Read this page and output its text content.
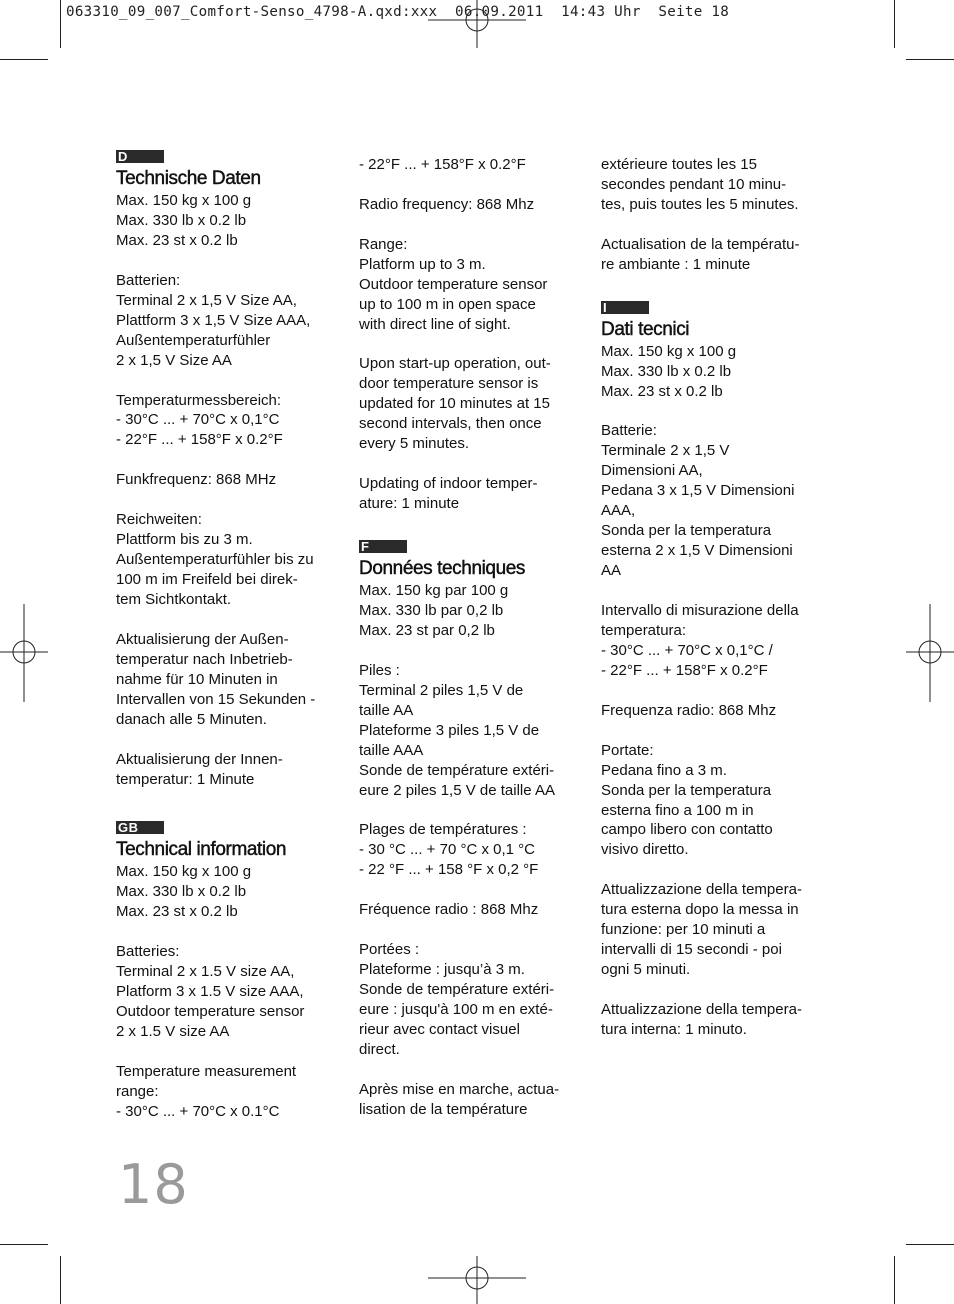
063310_09_007_Comfort-Senso_4798-A.qxd:xxx  06.09.2011  14:43 Uhr  Seite 18
D
Technische Daten
Max. 150 kg x 100 g
Max. 330 lb x 0.2 lb
Max. 23 st x 0.2 lb
Batterien:
Terminal 2 x 1,5 V Size AA,
Plattform 3 x 1,5 V Size AAA,
Außentemperaturfühler
2 x 1,5 V Size AA
Temperaturmessbereich:
- 30°C ... + 70°C x 0,1°C
- 22°F ... + 158°F x 0.2°F
Funkfrequenz: 868 MHz
Reichweiten:
Plattform bis zu 3 m.
Außentemperaturfühler bis zu
100 m im Freifeld bei direk-
tem Sichtkontakt.
Aktualisierung der Außen-
temperatur nach Inbetrieb-
nahme für 10 Minuten in
Intervallen von 15 Sekunden -
danach alle 5 Minuten.
Aktualisierung der Innen-
temperatur: 1 Minute
GB
Technical information
Max. 150 kg x 100 g
Max. 330 lb x 0.2 lb
Max. 23 st x 0.2 lb
Batteries:
Terminal 2 x 1.5 V size AA,
Platform 3 x 1.5 V size AAA,
Outdoor temperature sensor
2 x 1.5 V size AA
Temperature measurement
range:
- 30°C ... + 70°C x 0.1°C
- 22°F ... + 158°F x 0.2°F
Radio frequency: 868 Mhz
Range:
Platform up to 3 m.
Outdoor temperature sensor
up to 100 m in open space
with direct line of sight.
Upon start-up operation, out-
door temperature sensor is
updated for 10 minutes at 15
second intervals, then once
every 5 minutes.
Updating of indoor temper-
ature: 1 minute
F
Données techniques
Max. 150 kg par 100 g
Max. 330 lb par 0,2 lb
Max. 23 st par 0,2 lb
Piles :
Terminal 2 piles 1,5 V de
taille AA
Plateforme 3 piles 1,5 V de
taille AAA
Sonde de température extéri-
eure 2 piles 1,5 V de taille AA
Plages de températures :
- 30 °C ... + 70 °C x 0,1 °C
- 22 °F ... + 158 °F x 0,2 °F
Fréquence radio : 868 Mhz
Portées :
Plateforme : jusqu’à 3 m.
Sonde de température extéri-
eure : jusqu'à 100 m en exté-
rieur avec contact visuel
direct.
Après mise en marche, actua-
lisation de la température
extérieure toutes les 15
secondes pendant 10 minu-
tes, puis toutes les 5 minutes.
Actualisation de la températu-
re ambiante : 1 minute
I
Dati tecnici
Max. 150 kg x 100 g
Max. 330 lb x 0.2 lb
Max. 23 st x 0.2 lb
Batterie:
Terminale 2 x 1,5 V
Dimensioni AA,
Pedana 3 x 1,5 V Dimensioni
AAA,
Sonda per la temperatura
esterna 2 x 1,5 V Dimensioni
AA
Intervallo di misurazione della
temperatura:
- 30°C ... + 70°C x 0,1°C /
- 22°F ... + 158°F x 0.2°F
Frequenza radio: 868 Mhz
Portate:
Pedana fino a 3 m.
Sonda per la temperatura
esterna fino a 100 m in
campo libero con contatto
visivo diretto.
Attualizzazione della tempera-
tura esterna dopo la messa in
funzione: per 10 minuti a
intervalli di 15 secondi - poi
ogni 5 minuti.
Attualizzazione della tempera-
tura interna: 1 minuto.
18
